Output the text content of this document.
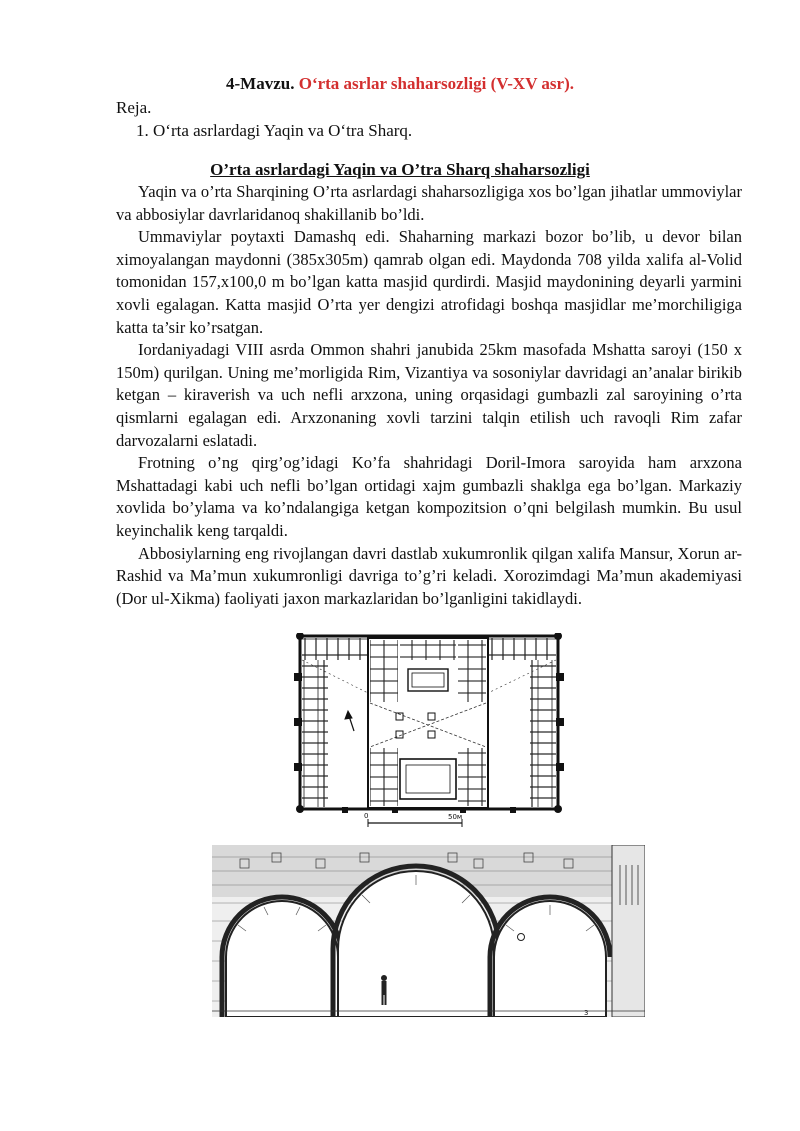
4-Mavzu. O‘rta asrlar shaharsozligi (V-XV asr).
Reja.
1. O‘rta asrlardagi Yaqin va O‘tra Sharq.
O’rta asrlardagi Yaqin va O’tra Sharq shaharsozligi

Yaqin va o’rta Sharqining O’rta asrlardagi shaharsozligiga xos bo’lgan jihatlar ummoviylar va abbosiylar davrlaridanoq shakillanib bo’ldi.

Ummaviylar poytaxti Damashq edi. Shaharning markazi bozor bo’lib, u devor bilan ximoyalangan maydonni (385x305m) qamrab olgan edi. Maydonda 708 yilda xalifa al-Volid tomonidan 157,x100,0 m bo’lgan katta masjid qurdirdi. Masjid maydonining deyarli yarmini xovli egalagan. Katta masjid O’rta yer dengizi atrofidagi boshqa masjidlar me’morchiligiga katta ta’sir ko’rsatgan.

Iordaniyadagi VIII asrda Ommon shahri janubida 25km masofada Mshatta saroyi (150 x 150m) qurilgan. Uning me’morligida Rim, Vizantiya va sosoniylar davridagi an’analar birikib ketgan – kiraverish va uch nefli arxzona, uning orqasidagi gumbazli zal saroyining o’rta qismlarni egalagan edi. Arxzonaning xovli tarzini talqin etilish uch ravoqli Rim zafar darvozalarni eslatadi.

Frotning o’ng qirg’og’idagi Ko’fa shahridagi Doril-Imora saroyida ham arxzona Mshattadagi kabi uch nefli bo’lgan ortidagi xajm gumbazli shaklga ega bo’lgan. Markaziy xovlida bo’ylama va ko’ndalangiga ketgan kompozitsion o’qni belgilash mumkin. Bu usul keyinchalik keng tarqaldi.

Abbosiylarning eng rivojlangan davri dastlab xukumronlik qilgan xalifa Mansur, Xorun ar-Rashid va Ma’mun xukumronligi davriga to’g’ri keladi. Xorozimdagi Ma’mun akademiyasi (Dor ul-Xikma) faoliyati jaxon markazlaridan bo’lganligini takidlaydi.

0	50м
3
